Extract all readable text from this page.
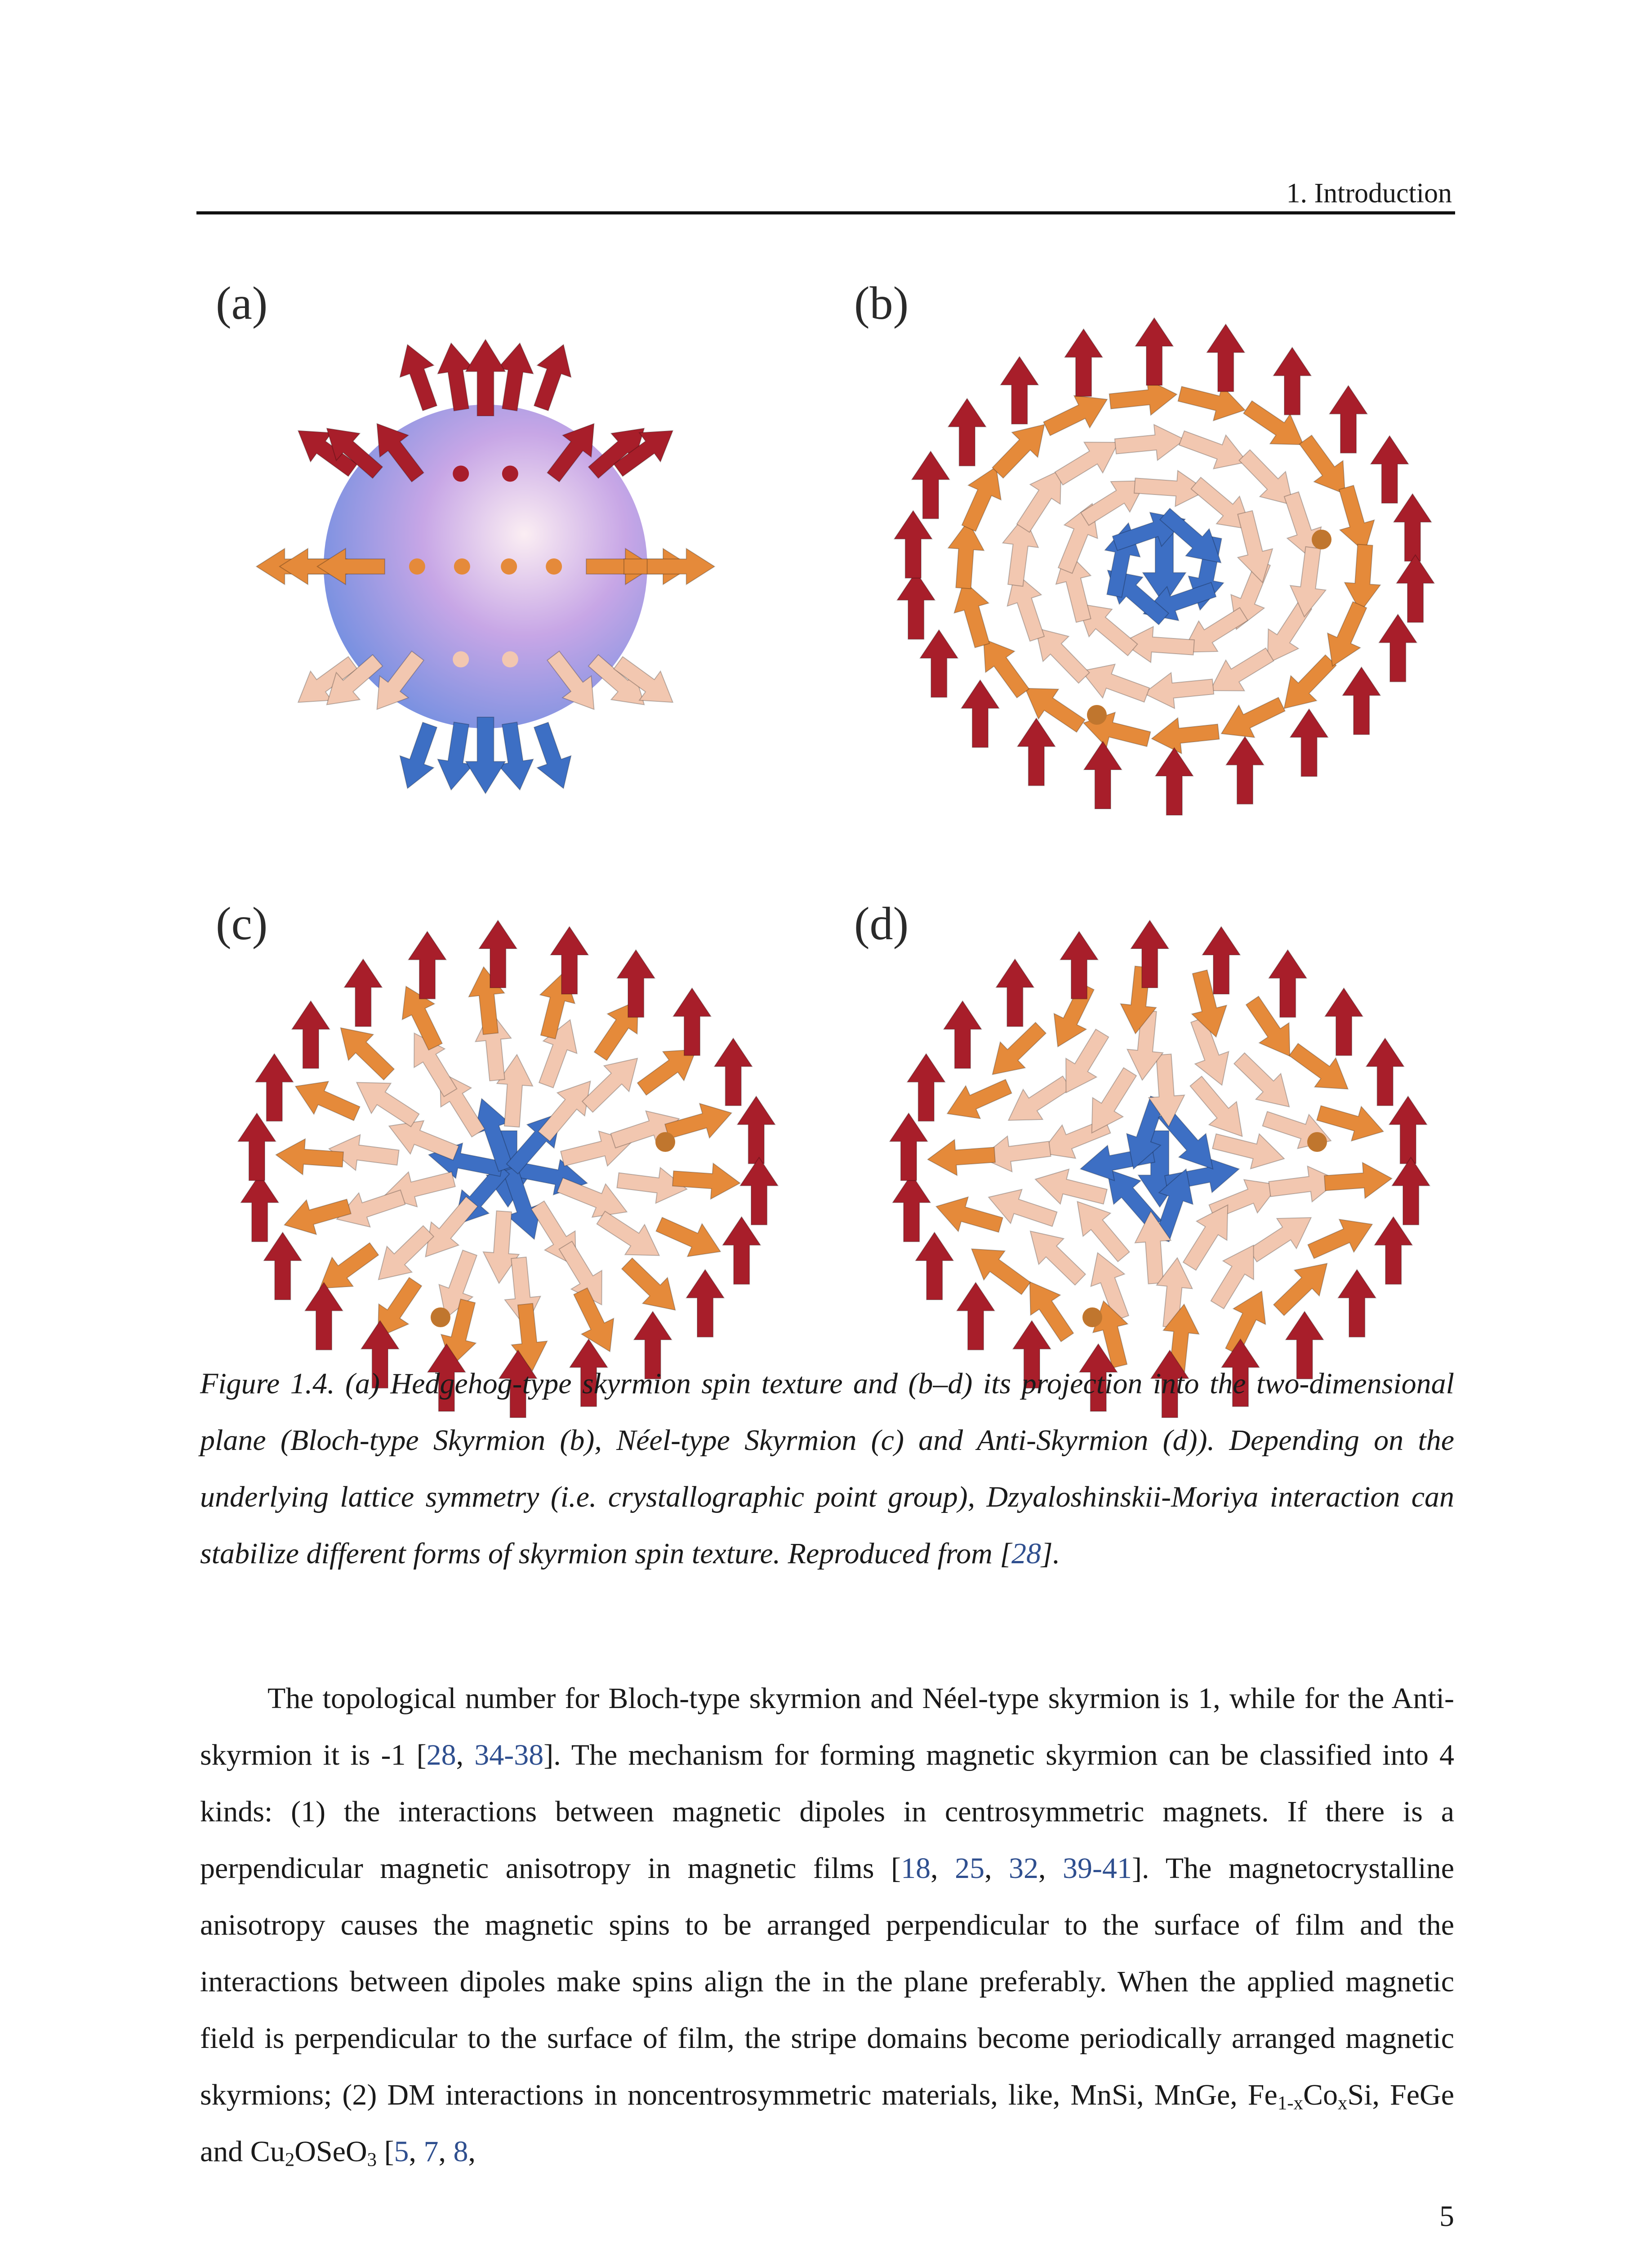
1. Introduction
(a)	(b)
(c)	(d)
Figure 1.4. (a) Hedgehog-type skyrmion spin texture and (b–d) its projection into the two-dimensional plane (Bloch-type Skyrmion (b), Néel-type Skyrmion (c) and Anti-Skyrmion (d)). Depending on the underlying lattice symmetry (i.e. crystallographic point group), Dzyaloshinskii-Moriya interaction can stabilize different forms of skyrmion spin texture. Reproduced from [28].

The topological number for Bloch-type skyrmion and Néel-type skyrmion is 1, while for the Anti-skyrmion it is -1 [28, 34-38]. The mechanism for forming magnetic skyrmion can be classified into 4 kinds: (1) the interactions between magnetic dipoles in centrosymmetric magnets. If there is a perpendicular magnetic anisotropy in magnetic films [18, 25, 32, 39-41]. The magnetocrystalline anisotropy causes the magnetic spins to be arranged perpendicular to the surface of film and the interactions between dipoles make spins align the in the plane preferably. When the applied magnetic field is perpendicular to the surface of film, the stripe domains become periodically arranged magnetic skyrmions; (2) DM interactions in noncentrosymmetric materials, like, MnSi, MnGe, $Fe_{1-x}Co_xSi$, FeGe and $Cu_2OSeO_3$ [5, 7, 8,

5
